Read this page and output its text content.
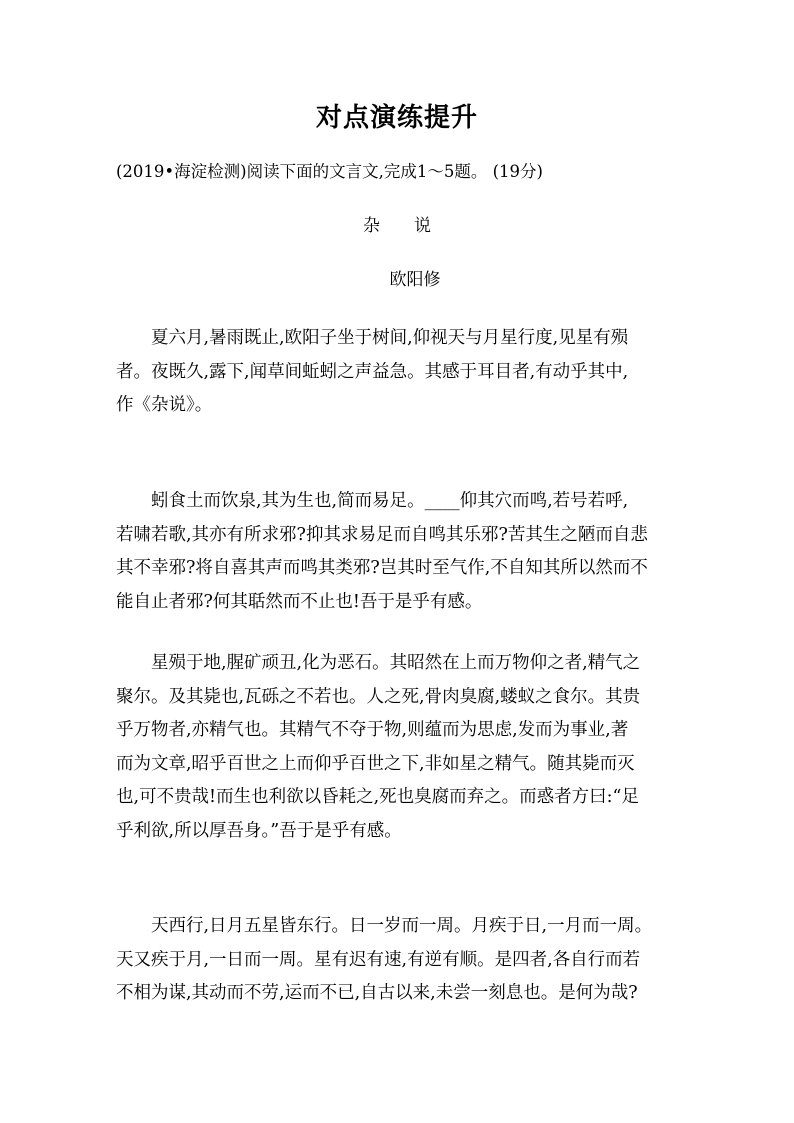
对点演练提升

(2019•海淀检测)阅读下面的文言文,完成1～5题。 (19分)

杂　　说

欧阳修

　　夏六月,暑雨既止,欧阳子坐于树间,仰视天与月星行度,见星有殒
者。夜既久,露下,闻草间蚯蚓之声益急。其感于耳目者,有动乎其中,
作《杂说》。
　　蚓食土而饮泉,其为生也,简而易足。____仰其穴而鸣,若号若呼,
若啸若歌,其亦有所求邪?抑其求易足而自鸣其乐邪?苦其生之陋而自悲
其不幸邪?将自喜其声而鸣其类邪?岂其时至气作,不自知其所以然而不
能自止者邪?何其聒然而不止也!吾于是乎有感。
　　星殒于地,腥矿顽丑,化为恶石。其昭然在上而万物仰之者,精气之
聚尔。及其毙也,瓦砾之不若也。人之死,骨肉臭腐,蝼蚁之食尔。其贵
乎万物者,亦精气也。其精气不夺于物,则蕴而为思虑,发而为事业,著
而为文章,昭乎百世之上而仰乎百世之下,非如星之精气。随其毙而灭
也,可不贵哉!而生也利欲以昏耗之,死也臭腐而弃之。而惑者方曰:“足
乎利欲,所以厚吾身。”吾于是乎有感。
　　天西行,日月五星皆东行。日一岁而一周。月疾于日,一月而一周。
天又疾于月,一日而一周。星有迟有速,有逆有顺。是四者,各自行而若
不相为谋,其动而不劳,运而不已,自古以来,未尝一刻息也。是何为哉?
